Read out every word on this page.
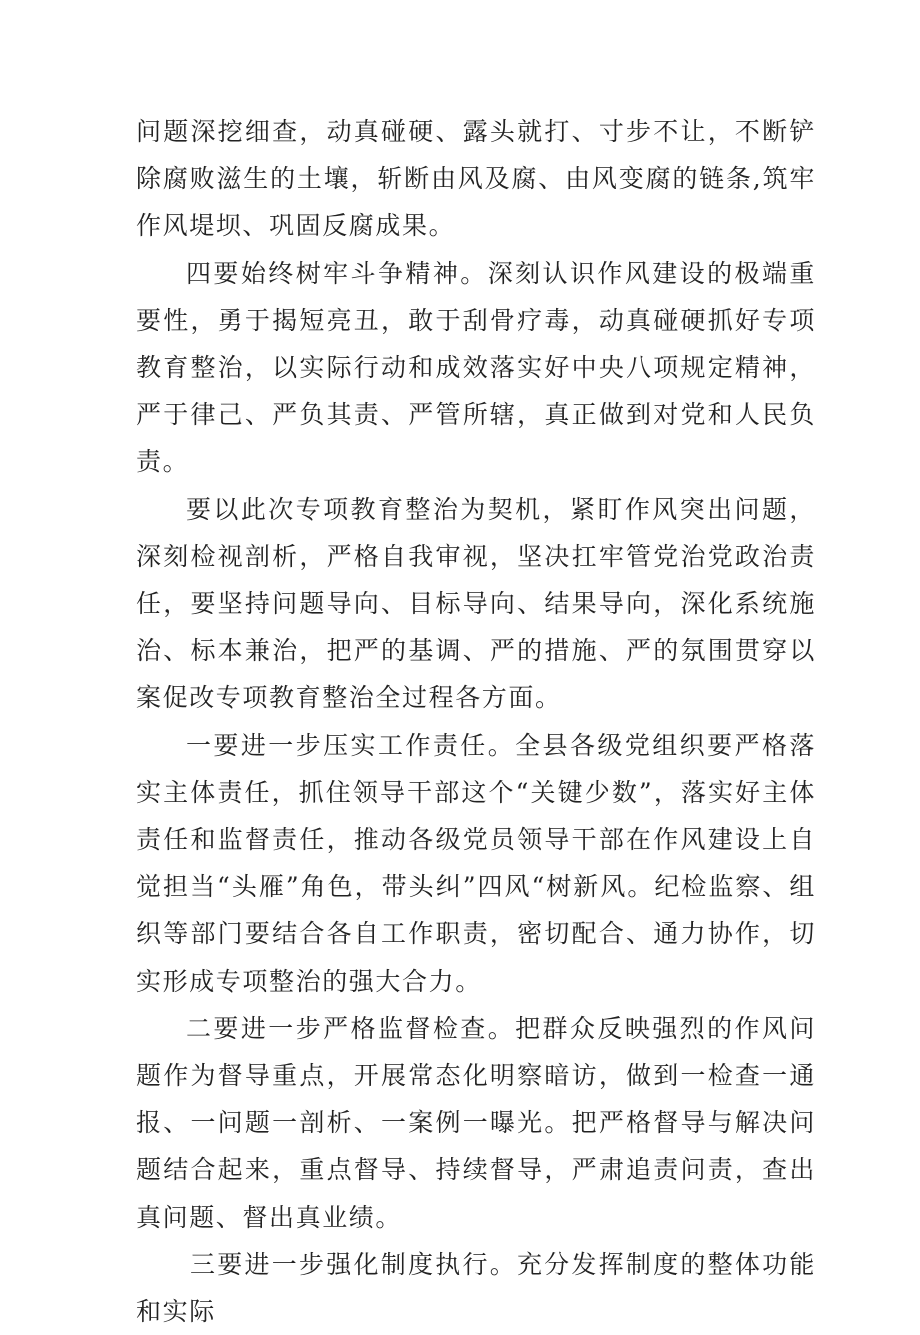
问题深挖细查，动真碰硬、露头就打、寸步不让，不断铲除腐败滋生的土壤，斩断由风及腐、由风变腐的链条,筑牢作风堤坝、巩固反腐成果。

四要始终树牢斗争精神。深刻认识作风建设的极端重要性，勇于揭短亮丑，敢于刮骨疗毒，动真碰硬抓好专项教育整治，以实际行动和成效落实好中央八项规定精神，严于律己、严负其责、严管所辖，真正做到对党和人民负责。

要以此次专项教育整治为契机，紧盯作风突出问题，深刻检视剖析，严格自我审视，坚决扛牢管党治党政治责任，要坚持问题导向、目标导向、结果导向，深化系统施治、标本兼治，把严的基调、严的措施、严的氛围贯穿以案促改专项教育整治全过程各方面。

一要进一步压实工作责任。全县各级党组织要严格落实主体责任，抓住领导干部这个“关键少数”，落实好主体责任和监督责任，推动各级党员领导干部在作风建设上自觉担当“头雁”角色，带头纠”四风“树新风。纪检监察、组织等部门要结合各自工作职责，密切配合、通力协作，切实形成专项整治的强大合力。

二要进一步严格监督检查。把群众反映强烈的作风问题作为督导重点，开展常态化明察暗访，做到一检查一通报、一问题一剖析、一案例一曝光。把严格督导与解决问题结合起来，重点督导、持续督导，严肃追责问责，查出真问题、督出真业绩。

三要进一步强化制度执行。充分发挥制度的整体功能和实际
